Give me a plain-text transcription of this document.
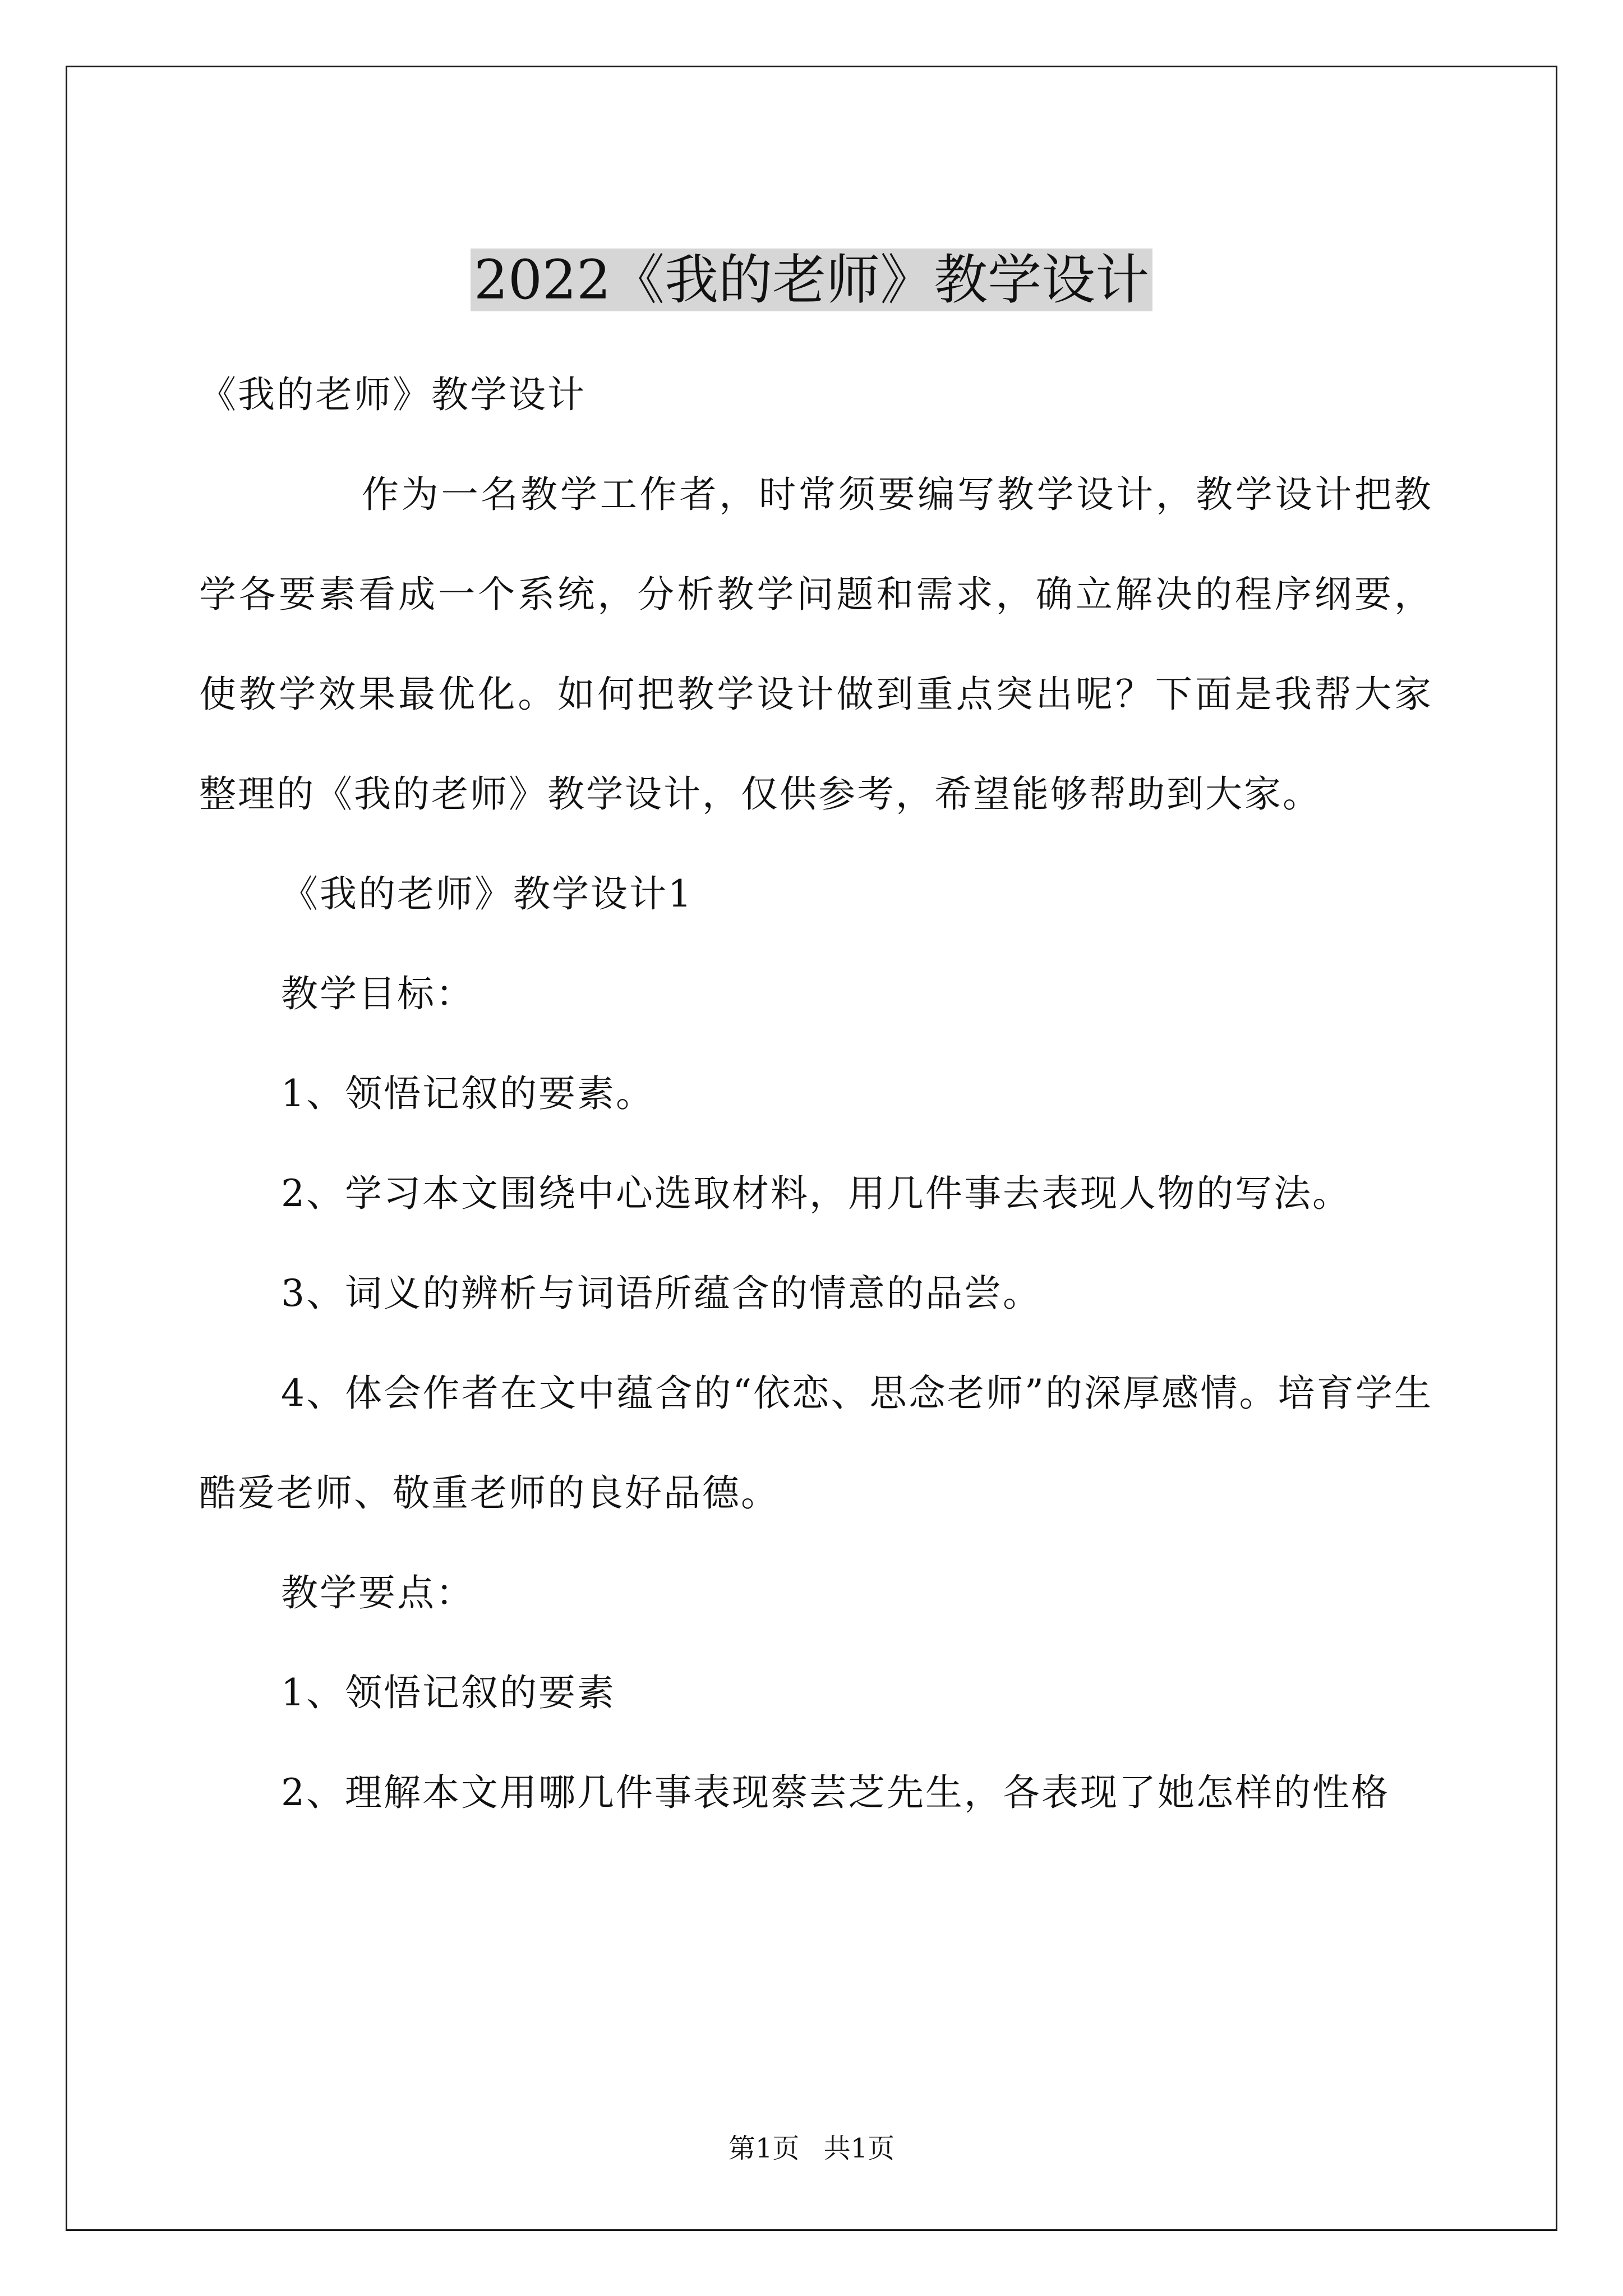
2022《我的老师》教学设计

《我的老师》教学设计

作为一名教学工作者，时常须要编写教学设计，教学设计把教学各要素看成一个系统，分析教学问题和需求，确立解决的程序纲要，使教学效果最优化。如何把教学设计做到重点突出呢？下面是我帮大家整理的《我的老师》教学设计，仅供参考，希望能够帮助到大家。

《我的老师》教学设计1

教学目标：

1、领悟记叙的要素。

2、学习本文围绕中心选取材料，用几件事去表现人物的写法。

3、词义的辨析与词语所蕴含的情意的品尝。

4、体会作者在文中蕴含的“依恋、思念老师”的深厚感情。培育学生酷爱老师、敬重老师的良好品德。

教学要点：

1、领悟记叙的要素

2、理解本文用哪几件事表现蔡芸芝先生，各表现了她怎样的性格

第1页 共1页
